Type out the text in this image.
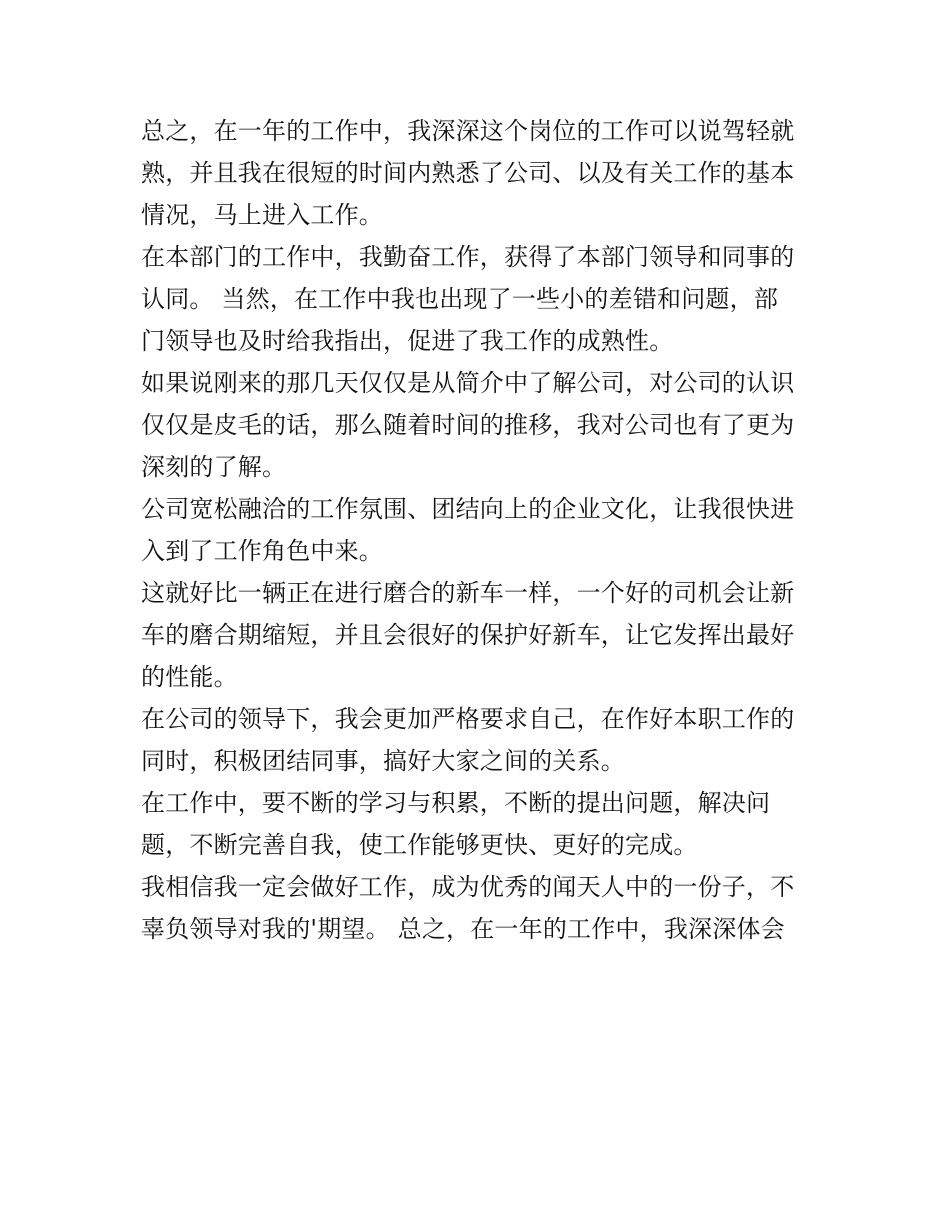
总之，在一年的工作中，我深深这个岗位的工作可以说驾轻就
熟，并且我在很短的时间内熟悉了公司、以及有关工作的基本
情况，马上进入工作。

在本部门的工作中，我勤奋工作，获得了本部门领导和同事的
认同。 当然，在工作中我也出现了一些小的差错和问题，部
门领导也及时给我指出，促进了我工作的成熟性。

如果说刚来的那几天仅仅是从简介中了解公司，对公司的认识
仅仅是皮毛的话，那么随着时间的推移，我对公司也有了更为
深刻的了解。

公司宽松融洽的工作氛围、团结向上的企业文化，让我很快进
入到了工作角色中来。

这就好比一辆正在进行磨合的新车一样，一个好的司机会让新
车的磨合期缩短，并且会很好的保护好新车，让它发挥出最好
的性能。

在公司的领导下，我会更加严格要求自己，在作好本职工作的
同时，积极团结同事，搞好大家之间的关系。

在工作中，要不断的学习与积累，不断的提出问题，解决问
题，不断完善自我，使工作能够更快、更好的完成。

我相信我一定会做好工作，成为优秀的闻天人中的一份子，不
辜负领导对我的'期望。 总之，在一年的工作中，我深深体会
